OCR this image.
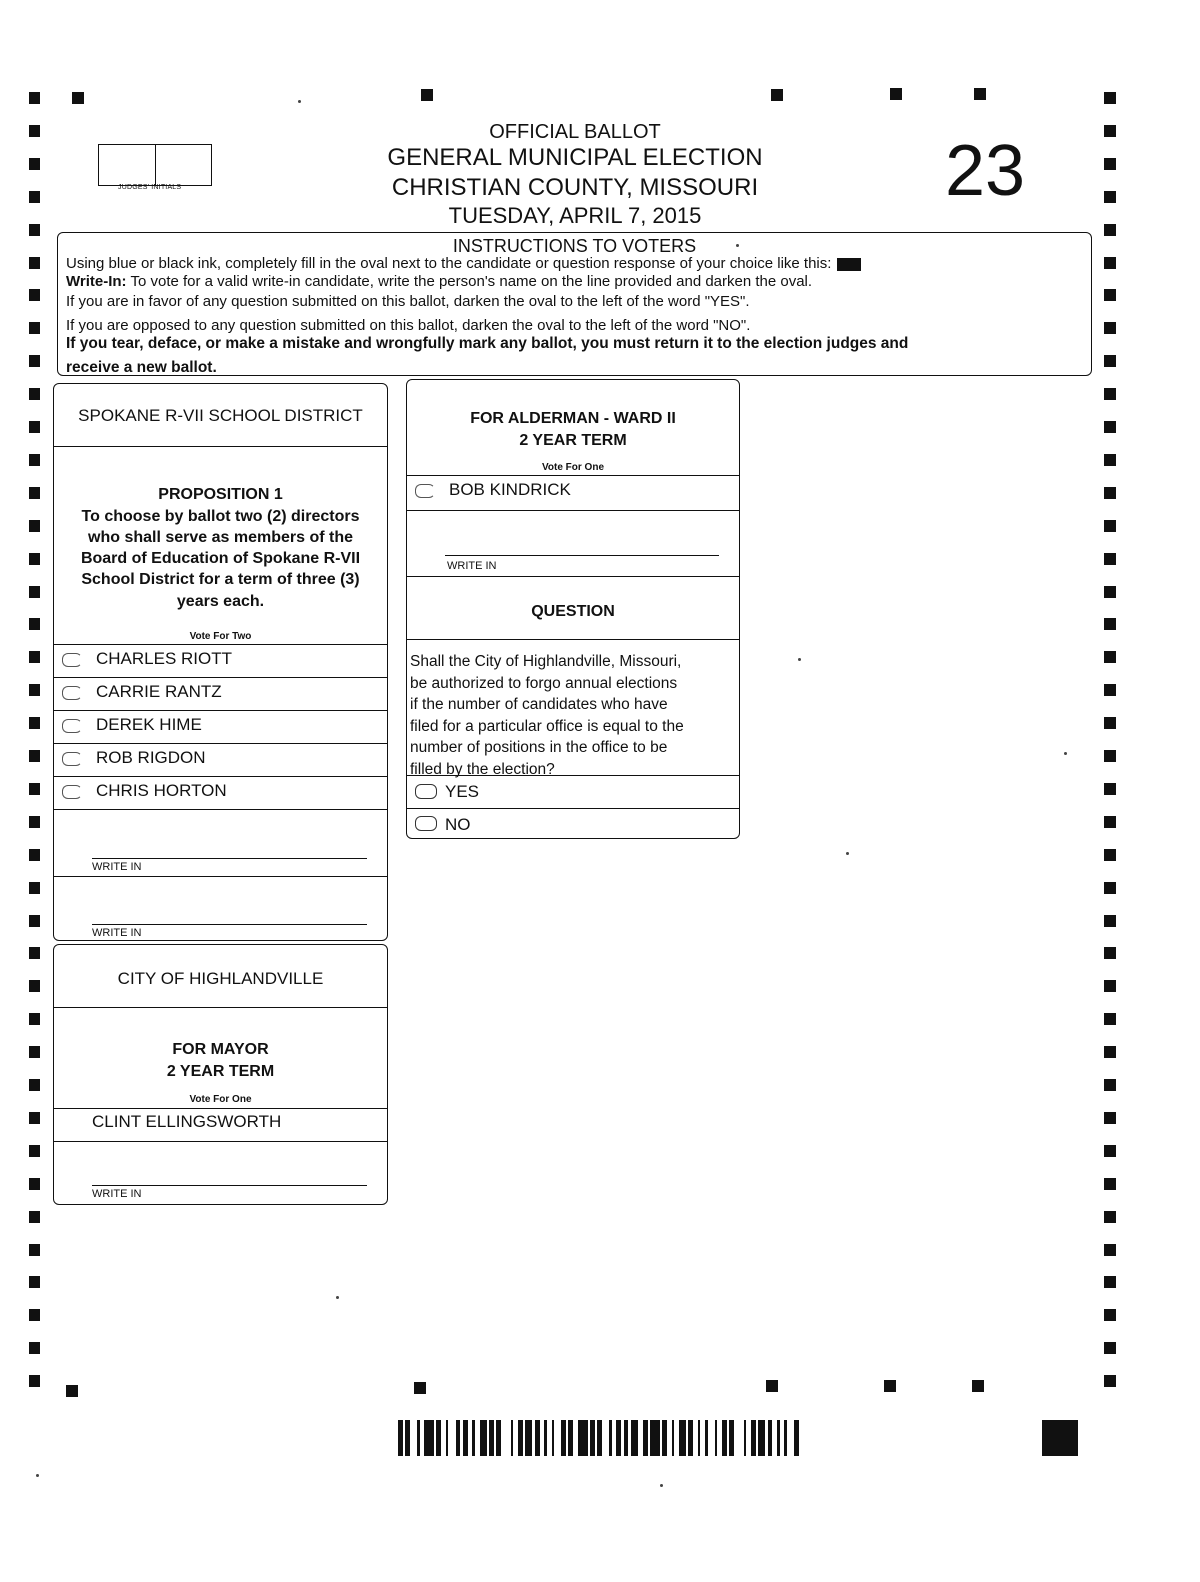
JUDGES' INITIALS
OFFICIAL BALLOT
GENERAL MUNICIPAL ELECTION
CHRISTIAN COUNTY, MISSOURI
TUESDAY, APRIL 7, 2015
23
INSTRUCTIONS TO VOTERS
Using blue or black ink, completely fill in the oval next to the candidate or question response of your choice like this:
Write-In: To vote for a valid write-in candidate, write the person's name on the line provided and darken the oval.
If you are in favor of any question submitted on this ballot, darken the oval to the left of the word "YES".
If you are opposed to any question submitted on this ballot, darken the oval to the left of the word "NO".
If you tear, deface, or make a mistake and wrongfully mark any ballot, you must return it to the election judges and
receive a new ballot.
SPOKANE R-VII SCHOOL DISTRICT
PROPOSITION 1
To choose by ballot two (2) directors
who shall serve as members of the
Board of Education of Spokane R-VII
School District for a term of three (3)
years each.
Vote For Two
CHARLES RIOTT
CARRIE RANTZ
DEREK HIME
ROB RIGDON
CHRIS HORTON
WRITE IN
WRITE IN
CITY OF HIGHLANDVILLE
FOR MAYOR
2 YEAR TERM
Vote For One
CLINT ELLINGSWORTH
WRITE IN
FOR ALDERMAN - WARD II
2 YEAR TERM
Vote For One
BOB KINDRICK
WRITE IN
QUESTION
Shall the City of Highlandville, Missouri,
be authorized to forgo annual elections
if the number of candidates who have
filed for a particular office is equal to the
number of positions in the office to be
filled by the election?
YES
NO
